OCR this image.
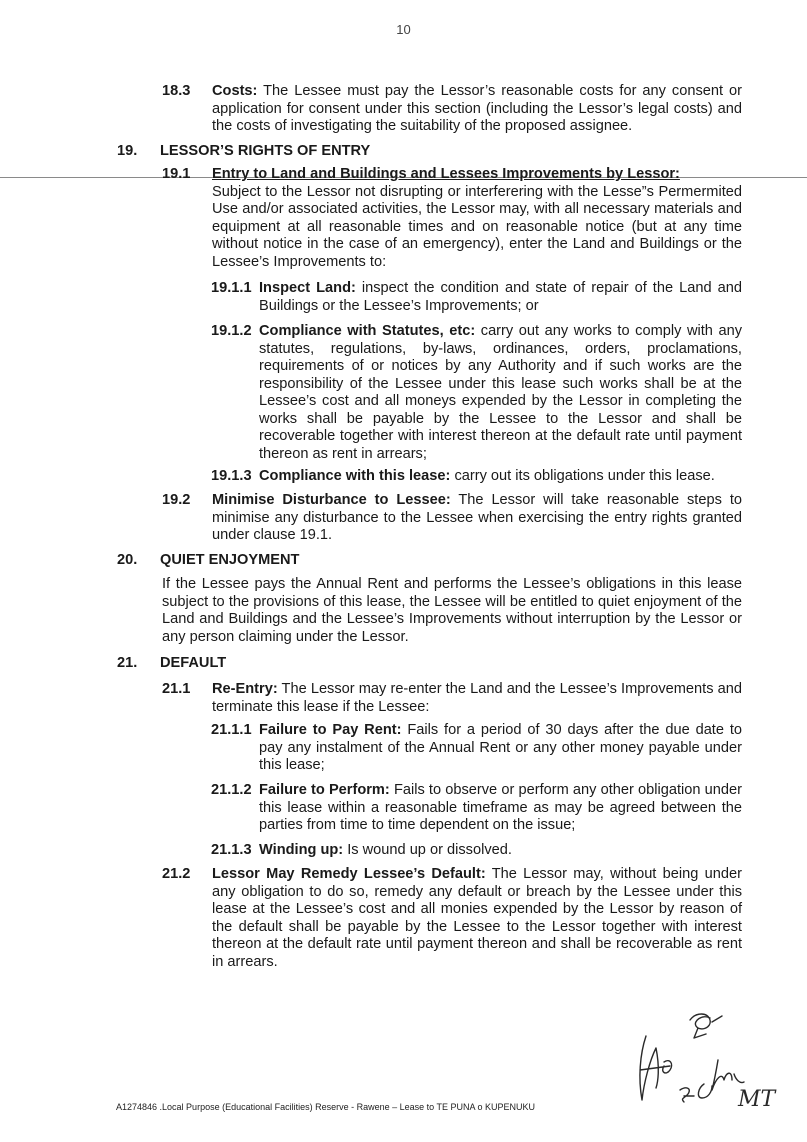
10
18.3 Costs: The Lessee must pay the Lessor’s reasonable costs for any consent or application for consent under this section (including the Lessor’s legal costs) and the costs of investigating the suitability of the proposed assignee.
19. LESSOR’S RIGHTS OF ENTRY
19.1 Entry to Land and Buildings and Lessees Improvements by Lessor:
Subject to the Lessor not disrupting or interferering with the Lesse”s Permermited Use and/or associated activities, the Lessor may, with all necessary materials and equipment at all reasonable times and on reasonable notice (but at any time without notice in the case of an emergency), enter the Land and Buildings or the Lessee’s Improvements to:
19.1.1 Inspect Land: inspect the condition and state of repair of the Land and Buildings or the Lessee’s Improvements; or
19.1.2 Compliance with Statutes, etc: carry out any works to comply with any statutes, regulations, by-laws, ordinances, orders, proclamations, requirements of or notices by any Authority and if such works are the responsibility of the Lessee under this lease such works shall be at the Lessee’s cost and all moneys expended by the Lessor in completing the works shall be payable by the Lessee to the Lessor and shall be recoverable together with interest thereon at the default rate until payment thereon as rent in arrears;
19.1.3 Compliance with this lease: carry out its obligations under this lease.
19.2 Minimise Disturbance to Lessee: The Lessor will take reasonable steps to minimise any disturbance to the Lessee when exercising the entry rights granted under clause 19.1.
20. QUIET ENJOYMENT
If the Lessee pays the Annual Rent and performs the Lessee’s obligations in this lease subject to the provisions of this lease, the Lessee will be entitled to quiet enjoyment of the Land and Buildings and the Lessee’s Improvements without interruption by the Lessor or any person claiming under the Lessor.
21. DEFAULT
21.1 Re-Entry: The Lessor may re-enter the Land and the Lessee’s Improvements and terminate this lease if the Lessee:
21.1.1 Failure to Pay Rent: Fails for a period of 30 days after the due date to pay any instalment of the Annual Rent or any other money payable under this lease;
21.1.2 Failure to Perform: Fails to observe or perform any other obligation under this lease within a reasonable timeframe as may be agreed between the parties from time to time dependent on the issue;
21.1.3 Winding up: Is wound up or dissolved.
21.2 Lessor May Remedy Lessee’s Default: The Lessor may, without being under any obligation to do so, remedy any default or breach by the Lessee under this lease at the Lessee’s cost and all monies expended by the Lessor by reason of the default shall be payable by the Lessee to the Lessor together with interest thereon at the default rate until payment thereon and shall be recoverable as rent in arrears.
MT
A1274846 .Local Purpose (Educational Facilities) Reserve - Rawene – Lease to TE PUNA o KUPENUKU
